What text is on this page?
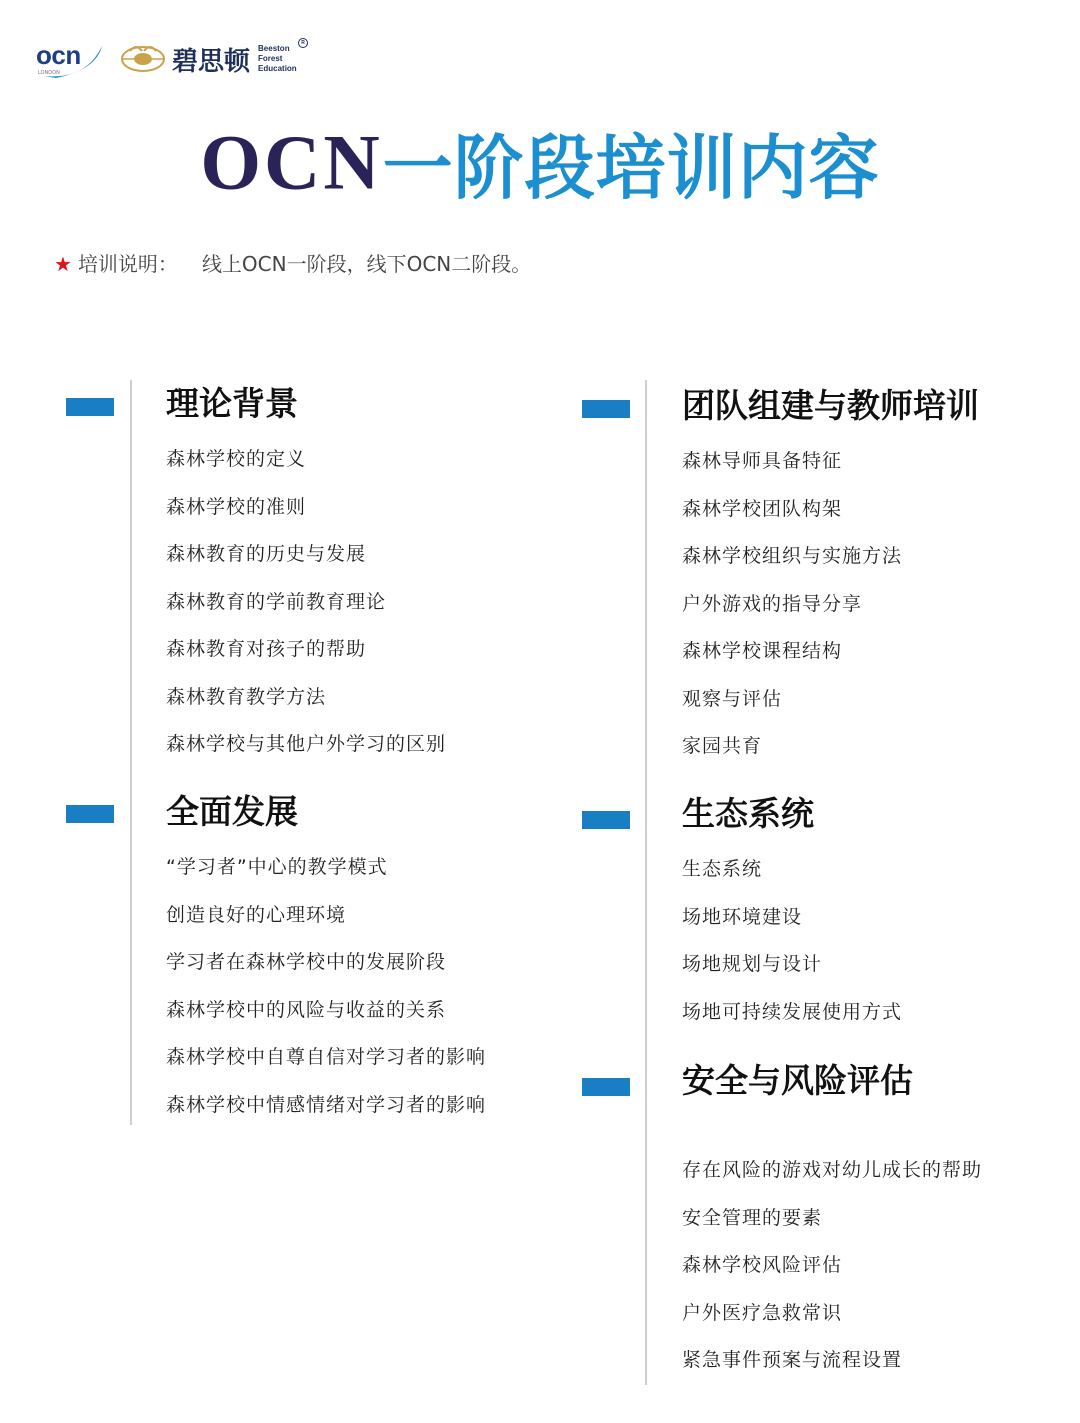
ocn
LONDON	碧思顿 Beeston
Forest
Education
R
OCN一阶段培训内容
★ 培训说明： 线上OCN一阶段，线下OCN二阶段。
理论背景
森林学校的定义
森林学校的准则
森林教育的历史与发展
森林教育的学前教育理论
森林教育对孩子的帮助
森林教育教学方法
森林学校与其他户外学习的区别
全面发展
“学习者”中心的教学模式
创造良好的心理环境
学习者在森林学校中的发展阶段
森林学校中的风险与收益的关系
森林学校中自尊自信对学习者的影响
森林学校中情感情绪对学习者的影响
团队组建与教师培训
森林导师具备特征
森林学校团队构架
森林学校组织与实施方法
户外游戏的指导分享
森林学校课程结构
观察与评估
家园共育
生态系统
生态系统
场地环境建设
场地规划与设计
场地可持续发展使用方式
安全与风险评估
存在风险的游戏对幼儿成长的帮助
安全管理的要素
森林学校风险评估
户外医疗急救常识
紧急事件预案与流程设置
